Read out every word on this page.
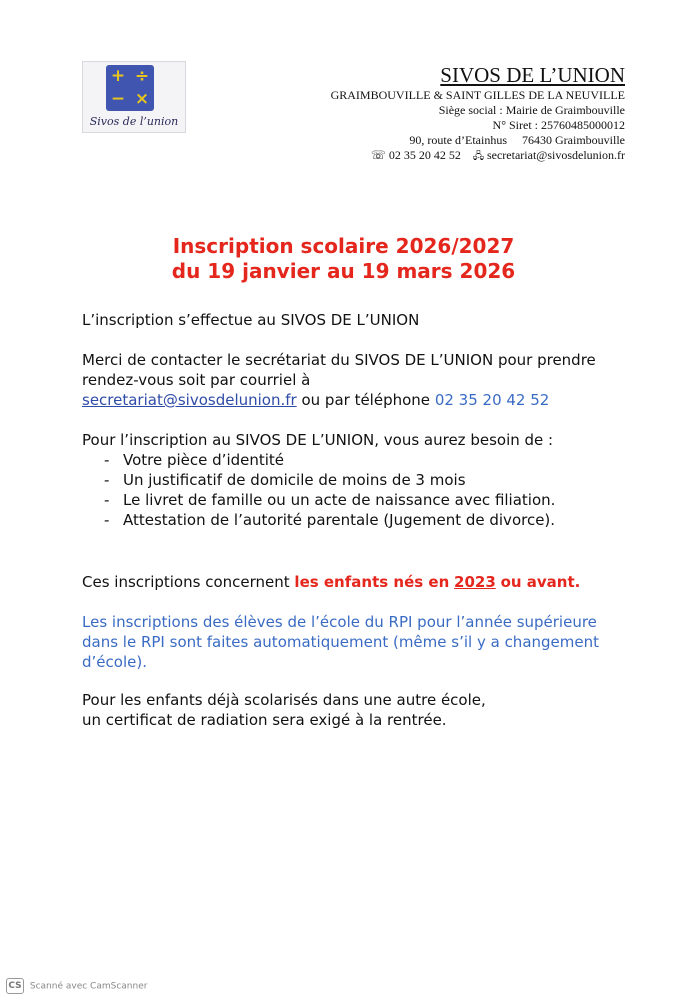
+ ÷
− ×
Sivos de l’union
SIVOS DE L’UNION
GRAIMBOUVILLE & SAINT GILLES DE LA NEUVILLE
Siège social : Mairie de Graimbouville
N° Siret : 25760485000012
90, route d’Etainhus 76430 Graimbouville
☏ 02 35 20 42 52 🖧 secretariat@sivosdelunion.fr
Inscription scolaire 2026/2027
du 19 janvier au 19 mars 2026

L’inscription s’effectue au SIVOS DE L’UNION

Merci de contacter le secrétariat du SIVOS DE L’UNION pour prendre rendez-vous soit par courriel à
secretariat@sivosdelunion.fr ou par téléphone 02 35 20 42 52

Pour l’inscription au SIVOS DE L’UNION, vous aurez besoin de :

- Votre pièce d’identité
- Un justificatif de domicile de moins de 3 mois
- Le livret de famille ou un acte de naissance avec filiation.
- Attestation de l’autorité parentale (Jugement de divorce).

Ces inscriptions concernent les enfants nés en 2023 ou avant.

Les inscriptions des élèves de l’école du RPI pour l’année supérieure dans le RPI sont faites automatiquement (même s’il y a changement d’école).

Pour les enfants déjà scolarisés dans une autre école,
un certificat de radiation sera exigé à la rentrée.

CS Scanné avec CamScanner
